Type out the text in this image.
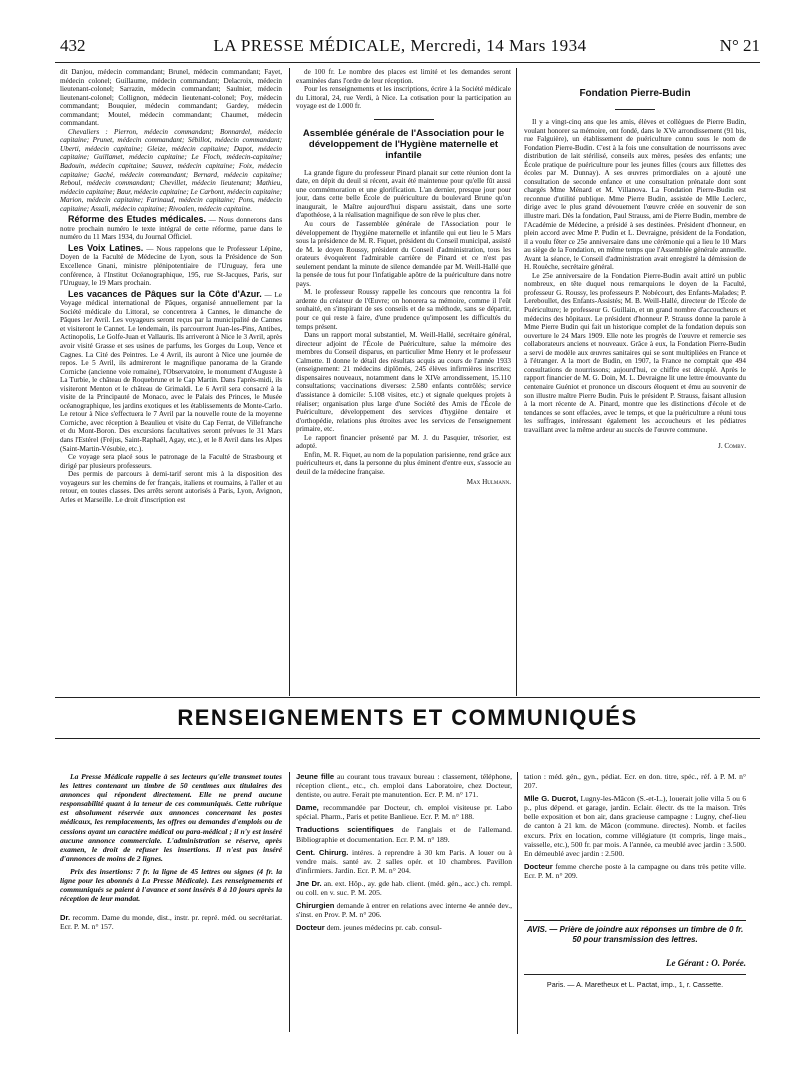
432	LA PRESSE MÉDICALE, Mercredi, 14 Mars 1934	N° 21

dit Danjou, médecin commandant; Brunel, médecin commandant; Fayet, médecin colonel; Guillaume, médecin commandant; Delacroix, médecin lieutenant-colonel; Sarrazin, médecin commandant; Saulnier, médecin lieutenant-colonel; Collignon, médecin lieutenant-colonel; Poy, médecin commandant; Bouquier, médecin commandant; Gardey, médecin commandant; Moutel, médecin commandant; Chaumet, médecin commandant.

Chevaliers : Pierron, médecin commandant; Bonnardel, médecin capitaine; Prunet, médecin commandant; Sébillot, médecin commandant; Uberti, médecin capitaine; Gleize, médecin capitaine; Dapot, médecin capitaine; Guillamet, médecin capitaine; Le Floch, médecin-capitaine; Badouin, médecin capitaine; Sauvez, médecin capitaine; Foix, médecin capitaine; Gaché, médecin commandant; Bernard, médecin capitaine; Reboul, médecin commandant; Chevillet, médecin lieutenant; Mathieu, médecin capitaine; Baur, médecin capitaine; Le Carbont, médecin capitaine; Marion, médecin capitaine; Farinaud, médecin capitaine; Pons, médecin capitaine; Assali, médecin capitaine; Rivoalen, médecin capitaine.

Réforme des Etudes médicales. — Nous donnerons dans notre prochain numéro le texte intégral de cette réforme, parue dans le numéro du 11 Mars 1934, du Journal Officiel.

Les Voix Latines. — Nous rappelons que le Professeur Lépine, Doyen de la Faculté de Médecine de Lyon, sous la Présidence de Son Excellence Gnani, ministre plénipotentiaire de l'Uruguay, fera une conférence, à l'Institut Océanographique, 195, rue St-Jacques, Paris, sur l'Uruguay, le 19 Mars prochain.

Les vacances de Pâques sur la Côte d'Azur. — Le Voyage médical international de Pâques, organisé annuellement par la Société médicale du Littoral, se concentrera à Cannes, le dimanche de Pâques 1er Avril. Les voyageurs seront reçus par la municipalité de Cannes et visiteront le Cannet. Le lendemain, ils parcourront Juan-les-Pins, Antibes, Actinopolis, Le Golfe-Juan et Vallauris. Ils arriveront à Nice le 3 Avril, après avoir visité Grasse et ses usines de parfums, les Gorges du Loup, Vence et Cagnes. La Cité des Peintres. Le 4 Avril, ils auront à Nice une journée de repos. Le 5 Avril, ils admireront le magnifique panorama de la Grande Corniche (ancienne voie romaine), l'Observatoire, le monument d'Auguste à La Turbie, le château de Roquebrune et le Cap Martin. Dans l'après-midi, ils visiteront Menton et le château de Grimaldi. Le 6 Avril sera consacré à la visite de la Principauté de Monaco, avec le Palais des Princes, le Musée océanographique, les jardins exotiques et les établissements de Monte-Carlo. Le retour à Nice s'effectuera le 7 Avril par la nouvelle route de la moyenne Corniche, avec réception à Beaulieu et visite du Cap Ferrat, de Villefranche et du Mont-Boron. Des excursions facultatives seront prévues le 31 Mars dans l'Estérel (Fréjus, Saint-Raphaël, Agay, etc.), et le 8 Avril dans les Alpes (Saint-Martin-Vésubie, etc.).

Ce voyage sera placé sous le patronage de la Faculté de Strasbourg et dirigé par plusieurs professeurs.

Des permis de parcours à demi-tarif seront mis à la disposition des voyageurs sur les chemins de fer français, italiens et roumains, à l'aller et au retour, en toutes classes. Des arrêts seront autorisés à Paris, Lyon, Avignon, Arles et Marseille. Le droit d'inscription est

de 100 fr. Le nombre des places est limité et les demandes seront examinées dans l'ordre de leur réception.

Pour les renseignements et les inscriptions, écrire à la Société médicale du Littoral, 24, rue Verdi, à Nice. La cotisation pour la participation au voyage est de 1.000 fr.

Assemblée générale de l'Association pour le développement de l'Hygiène maternelle et infantile

La grande figure du professeur Pinard planait sur cette réunion dont la date, en dépit du deuil si récent, avait été maintenue pour qu'elle fût aussi une commémoration et une glorification. L'an dernier, presque jour pour jour, dans cette belle École de puériculture du boulevard Brune qu'on inaugurait, le Maître aujourd'hui disparu assistait, dans une sorte d'apothéose, à la réalisation magnifique de son rêve le plus cher.

Au cours de l'assemblée générale de l'Association pour le développement de l'hygiène maternelle et infantile qui eut lieu le 5 Mars sous la présidence de M. R. Fiquet, président du Conseil municipal, assisté de M. le doyen Roussy, président du Conseil d'administration, tous les orateurs évoquèrent l'admirable carrière de Pinard et ce n'est pas seulement pendant la minute de silence demandée par M. Weill-Hallé que la pensée de tous fut pour l'infatigable apôtre de la puériculture dans notre pays.

M. le professeur Roussy rappelle les concours que rencontra la foi ardente du créateur de l'Œuvre; on honorera sa mémoire, comme il l'eût souhaité, en s'inspirant de ses conseils et de sa méthode, sans se départir, pour ce qui reste à faire, d'une prudence qu'imposent les difficultés du temps présent.

Dans un rapport moral substantiel, M. Weill-Hallé, secrétaire général, directeur adjoint de l'École de Puériculture, salue la mémoire des membres du Conseil disparus, en particulier Mme Henry et le professeur Calmette. Il donne le détail des résultats acquis au cours de l'année 1933 (enseignement: 21 médecins diplômés, 245 élèves infirmières inscrites; dispensaires nouveaux, notamment dans le XIVe arrondissement, 15.110 consultations; vaccinations diverses: 2.580 enfants contrôlés; service d'assistance à domicile: 5.108 visites, etc.) et signale quelques projets à réaliser; organisation plus large d'une Société des Amis de l'École de Puériculture, développement des services d'hygiène dentaire et d'orthopédie, relations plus étroites avec les services de l'enseignement primaire, etc.

Le rapport financier présenté par M. J. du Pasquier, trésorier, est adopté.

Enfin, M. R. Fiquet, au nom de la population parisienne, rend grâce aux puériculteurs et, dans la personne du plus éminent d'entre eux, s'associe au deuil de la médecine française.

Max Hulmann.
Fondation Pierre-Budin

Il y a vingt-cinq ans que les amis, élèves et collègues de Pierre Budin, voulant honorer sa mémoire, ont fondé, dans le XVe arrondissement (91 bis, rue Falguière), un établissement de puériculture connu sous le nom de Fondation Pierre-Budin. C'est à la fois une consultation de nourrissons avec distribution de lait stérilisé, conseils aux mères, pesées des enfants; une École pratique de puériculture pour les jeunes filles (cours aux fillettes des écoles par M. Dunnay). A ses œuvres primordiales on a ajouté une consultation de seconde enfance et une consultation prénatale dont sont chargés Mme Ménard et M. Villanova. La Fondation Pierre-Budin est reconnue d'utilité publique. Mme Pierre Budin, assistée de Mlle Leclerc, dirige avec le plus grand dévouement l'œuvre créée en souvenir de son illustre mari. Dès la fondation, Paul Strauss, ami de Pierre Budin, membre de l'Académie de Médecine, a présidé à ses destinées. Président d'honneur, en plein accord avec Mme P. Pudin et L. Devraigne, président de la Fondation, il a voulu fêter ce 25e anniversaire dans une cérémonie qui a lieu le 10 Mars au siège de la Fondation, en même temps que l'Assemblée générale annuelle. Avant la séance, le Conseil d'administration avait enregistré la démission de H. Rouèche, secrétaire général.

Le 25e anniversaire de la Fondation Pierre-Budin avait attiré un public nombreux, en tête duquel nous remarquions le doyen de la Faculté, professeur G. Roussy, les professeurs P. Nobécourt, des Enfants-Malades; P. Lereboullet, des Enfants-Assistés; M. B. Weill-Hallé, directeur de l'École de Puériculture; le professeur G. Guillain, et un grand nombre d'accoucheurs et médecins des hôpitaux. Le président d'honneur P. Strauss donne la parole à Mme Pierre Budin qui fait un historique complet de la fondation depuis son ouverture le 24 Mars 1909. Elle note les progrès de l'œuvre et remercie ses collaborateurs anciens et nouveaux. Grâce à eux, la Fondation Pierre-Budin a servi de modèle aux œuvres sanitaires qui se sont multipliées en France et à l'étranger. A la mort de Budin, en 1907, la France ne comptait que 494 consultations de nourrissons; aujourd'hui, ce chiffre est décuplé. Après le rapport financier de M. G. Doin, M. L. Devraigne lit une lettre émouvante du centenaire Guéniot et prononce un discours éloquent et ému au souvenir de son illustre maître Pierre Budin. Puis le président P. Strauss, faisant allusion à la mort récente de A. Pinard, montre que les distinctions d'école et de tendances se sont effacées, avec le temps, et que la puériculture a réuni tous les suffrages, intéressant également les accoucheurs et les pédiatres travaillant avec la même ardeur au succès de l'œuvre commune.

J. Comby.
RENSEIGNEMENTS ET COMMUNIQUÉS

La Presse Médicale rappelle à ses lecteurs qu'elle transmet toutes les lettres contenant un timbre de 50 centimes aux titulaires des annonces qui répondent directement. Elle ne prend aucune responsabilité quant à la teneur de ces communiqués. Cette rubrique est absolument réservée aux annonces concernant les postes médicaux, les remplacements, les offres ou demandes d'emplois ou de cessions ayant un caractère médical ou para-médical ; il n'y est inséré aucune annonce commerciale. L'administration se réserve, après examen, le droit de refuser les insertions. Il n'est pas inséré d'annonces de moins de 2 lignes.

Prix des insertions: 7 fr. la ligne de 45 lettres ou signes (4 fr. la ligne pour les abonnés à La Presse Médicale). Les renseignements et communiqués se paient à l'avance et sont insérés 8 à 10 jours après la réception de leur mandat.

Dr. recomm. Dame du monde, dist., instr. pr. repré. méd. ou secrétariat. Ecr. P. M. n° 157.

Jeune fille au courant tous travaux bureau : classement, téléphone, réception client., etc., ch. emploi dans Laboratoire, chez Docteur, dentiste, ou autre. Ferait pte manutention. Ecr. P. M. n° 171.

Dame, recommandée par Docteur, ch. emploi visiteuse pr. Labo spécial. Pharm., Paris et petite Banlieue. Ecr. P. M. n° 188.

Traductions scientifiques de l'anglais et de l'allemand. Bibliographie et documentation. Ecr. P. M. n° 189.

Cent. Chirurg. intéres. à reprendre à 30 km Paris. A louer ou à vendre mais. santé av. 2 salles opér. et 10 chambres. Pavillon d'infirmiers. Jardin. Ecr. P. M. n° 204.

Jne Dr. an. ext. Hôp., ay. gde hab. client. (méd. gén., acc.) ch. rempl. ou coll. en v. suc. P. M. 205.

Chirurgien demande à entrer en relations avec interne 4e année dev., s'inst. en Prov. P. M. n° 206.

Docteur dem. jeunes médecins pr. cab. consul-

tation : méd. gén., gyn., pédiat. Ecr. en don. titre, spéc., réf. à P. M. n° 207.

Mlle G. Ducrot, Lugny-les-Mâcon (S.-et-L.), louerait jolie villa 5 ou 6 p., plus dépend. et garage, jardin. Eclair. électr. ds tte la maison. Très belle exposition et bon air, dans gracieuse campagne : Lugny, chef-lieu de canton à 21 km. de Mâcon (commune. directes). Nomb. et faciles excurs. Prix en location, comme villégiature (tt compris, linge mais., vaisselle, etc.), 500 fr. par mois. A l'année, ca meublé avec jardin : 3.500. En démeublé avec jardin : 2.500.

Docteur femme cherche poste à la campagne ou dans très petite ville. Ecr. P. M. n° 209.

AVIS. — Prière de joindre aux réponses un timbre de 0 fr. 50 pour transmission des lettres.
Le Gérant : O. Porée.
Paris. — A. Maretheux et L. Pactat, imp., 1, r. Cassette.
